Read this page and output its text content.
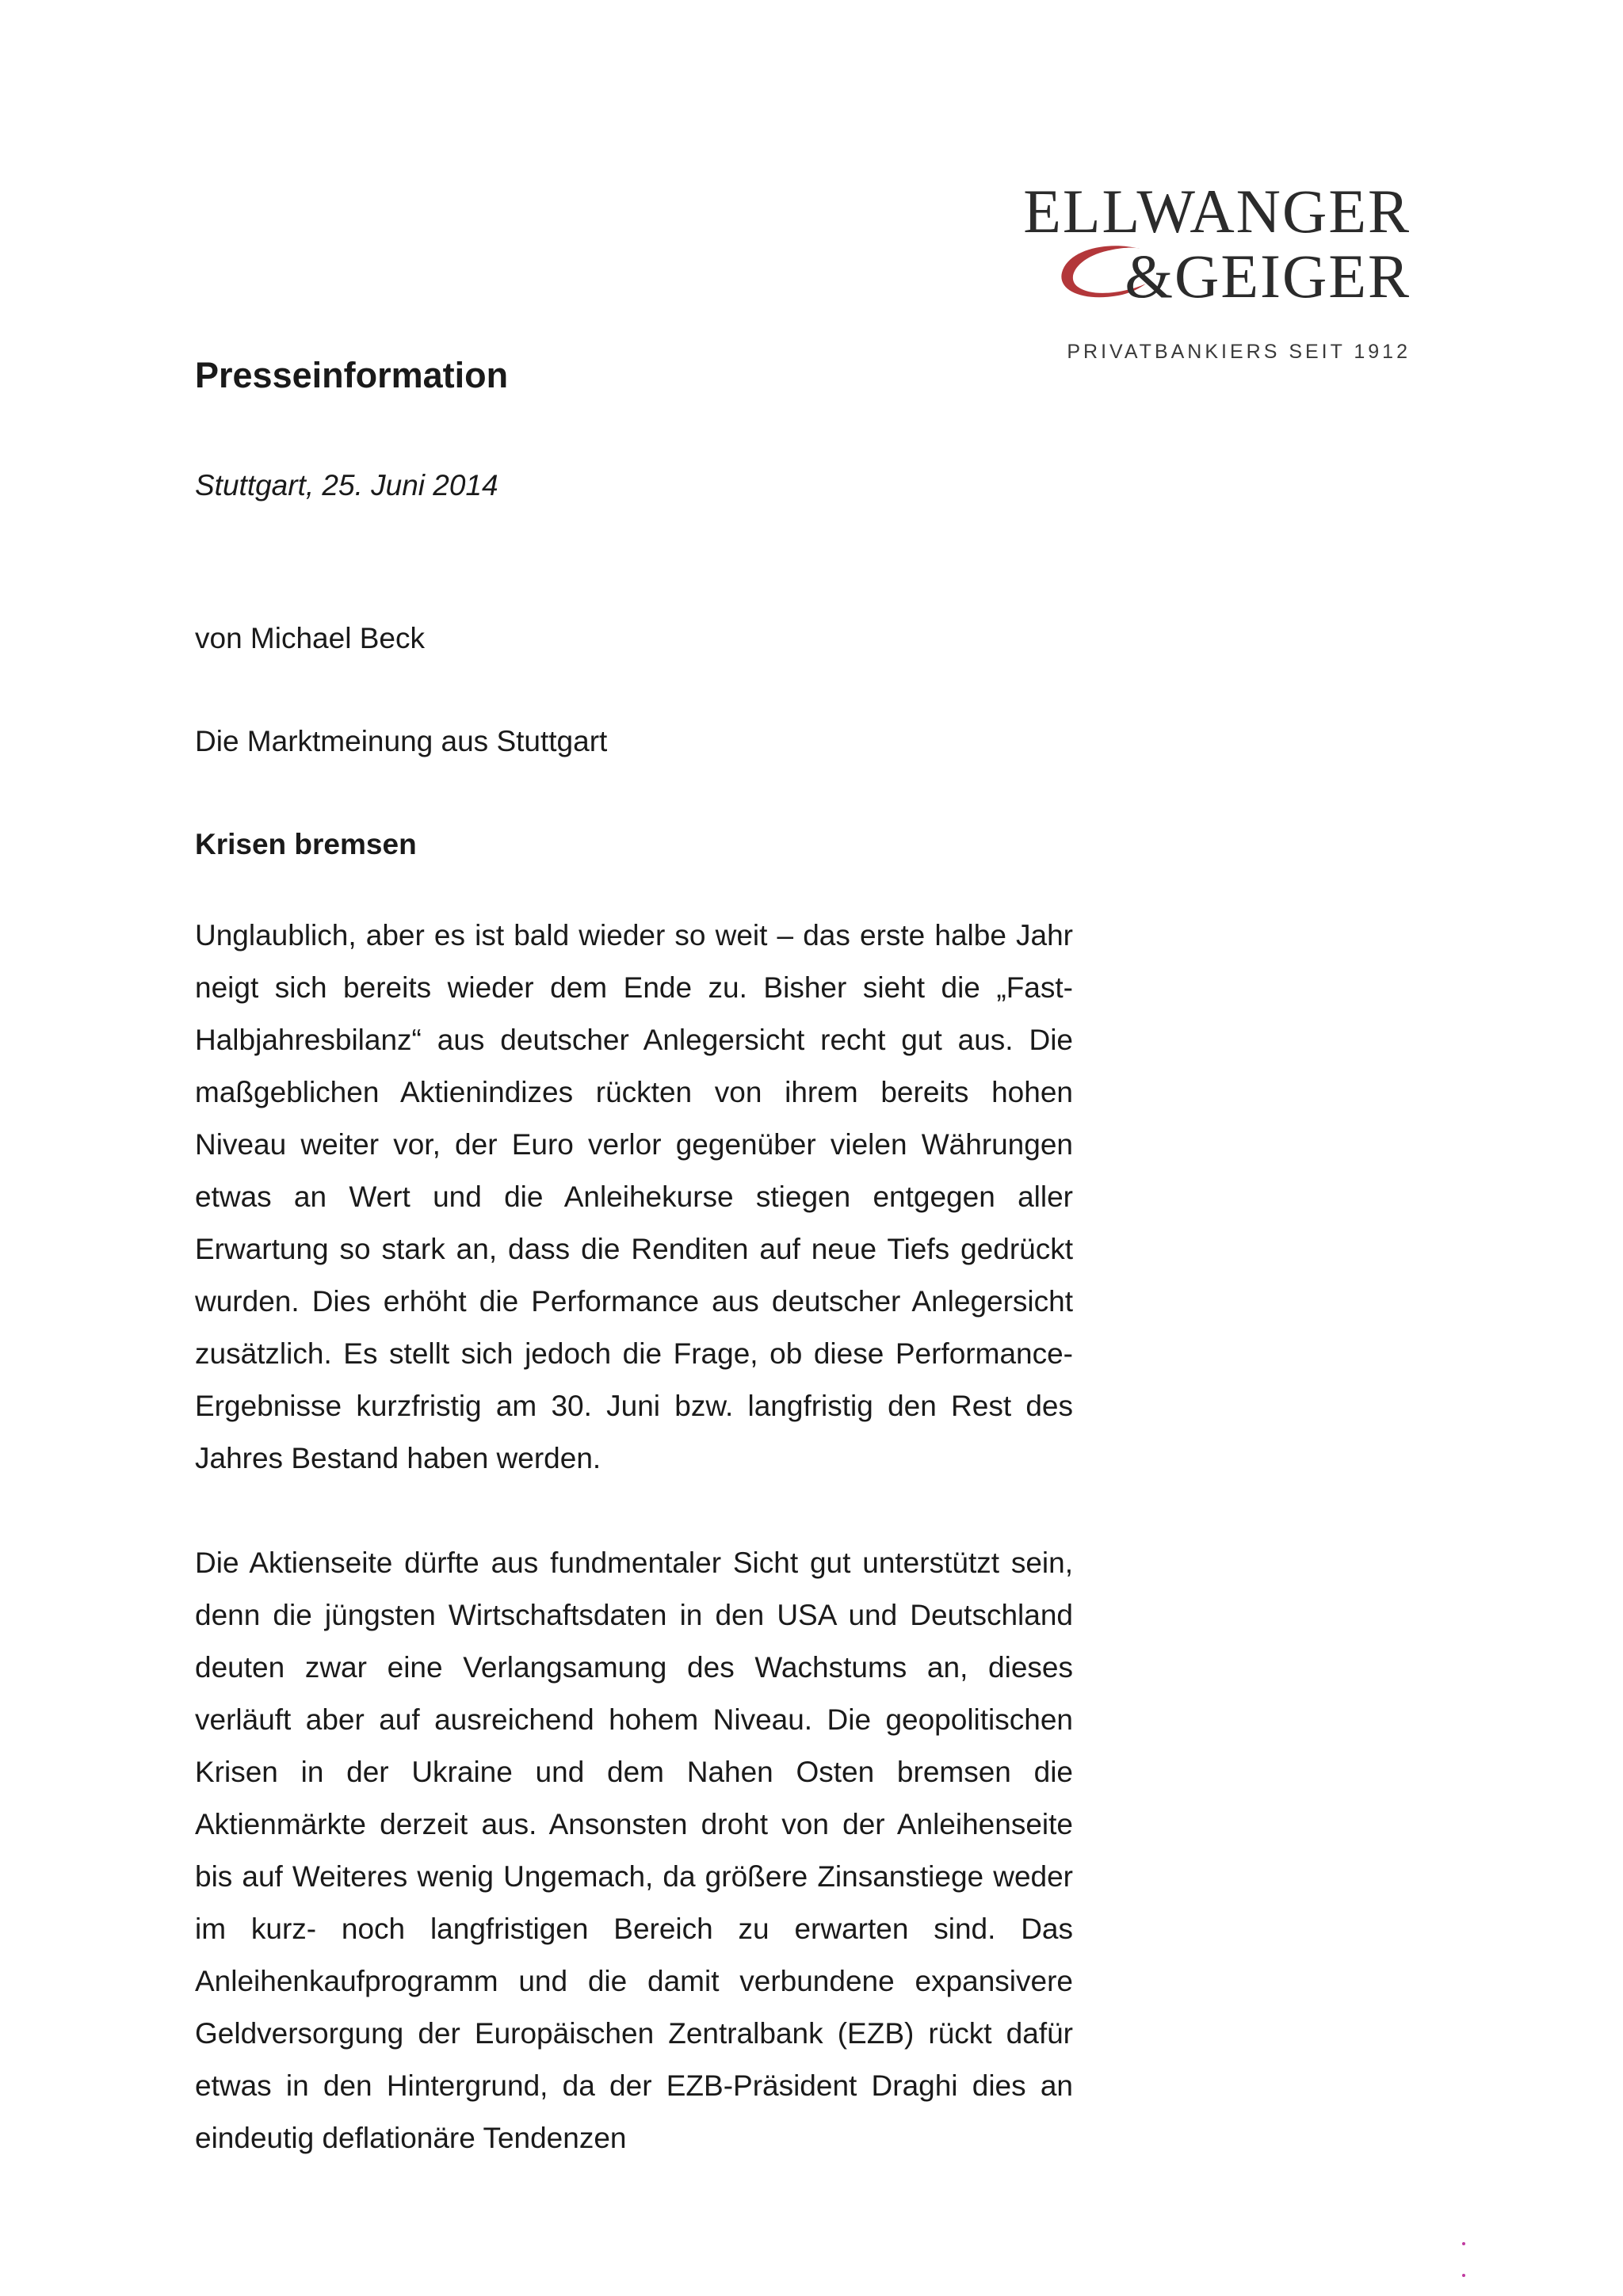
ELLWANGER
&GEIGER
PRIVATBANKIERS SEIT 1912
Presseinformation
Stuttgart, 25. Juni 2014
von Michael Beck
Die Marktmeinung aus Stuttgart
Krisen bremsen

Unglaublich, aber es ist bald wieder so weit – das erste halbe Jahr neigt sich bereits wieder dem Ende zu. Bisher sieht die „Fast-Halbjahresbilanz“ aus deutscher Anlegersicht recht gut aus. Die maßgeblichen Aktienindizes rückten von ihrem bereits hohen Niveau weiter vor, der Euro verlor gegenüber vielen Währungen etwas an Wert und die Anleihekurse stiegen entgegen aller Erwartung so stark an, dass die Renditen auf neue Tiefs gedrückt wurden. Dies erhöht die Performance aus deutscher Anlegersicht zusätzlich. Es stellt sich jedoch die Frage, ob diese Performance-Ergebnisse kurzfristig am 30. Juni bzw. langfristig den Rest des Jahres Bestand haben werden.

Die Aktienseite dürfte aus fundmentaler Sicht gut unterstützt sein, denn die jüngsten Wirtschaftsdaten in den USA und Deutschland deuten zwar eine Verlangsamung des Wachstums an, dieses verläuft aber auf ausreichend hohem Niveau. Die geopolitischen Krisen in der Ukraine und dem Nahen Osten bremsen die Aktienmärkte derzeit aus. Ansonsten droht von der Anleihenseite bis auf Weiteres wenig Ungemach, da größere Zinsanstiege weder im kurz- noch langfristigen Bereich zu erwarten sind. Das Anleihenkaufprogramm und die damit verbundene expansivere Geldversorgung der Europäischen Zentralbank (EZB) rückt dafür etwas in den Hintergrund, da der EZB-Präsident Draghi dies an eindeutig deflationäre Tendenzen
